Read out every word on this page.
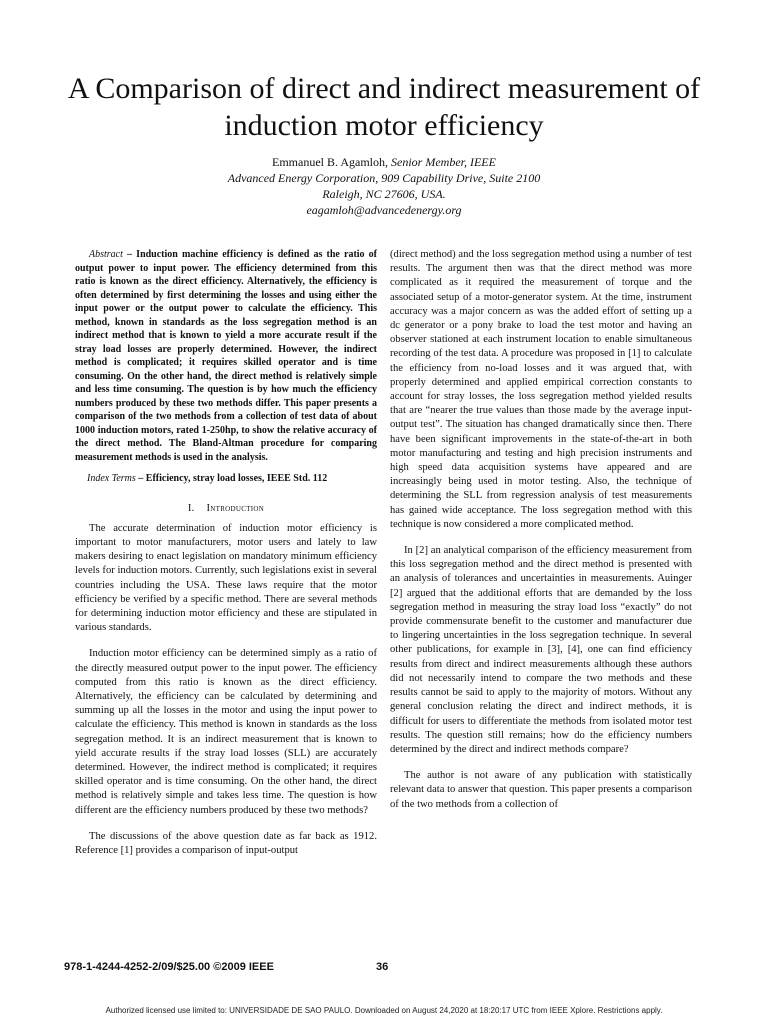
A Comparison of direct and indirect measurement of induction motor efficiency
Emmanuel B. Agamloh, Senior Member, IEEE
Advanced Energy Corporation, 909 Capability Drive, Suite 2100
Raleigh, NC 27606, USA.
eagamloh@advancedenergy.org

Abstract – Induction machine efficiency is defined as the ratio of output power to input power. The efficiency determined from this ratio is known as the direct efficiency. Alternatively, the efficiency is often determined by first determining the losses and using either the input power or the output power to calculate the efficiency. This method, known in standards as the loss segregation method is an indirect method that is known to yield a more accurate result if the stray load losses are properly determined. However, the indirect method is complicated; it requires skilled operator and is time consuming. On the other hand, the direct method is relatively simple and less time consuming. The question is by how much the efficiency numbers produced by these two methods differ. This paper presents a comparison of the two methods from a collection of test data of about 1000 induction motors, rated 1-250hp, to show the relative accuracy of the direct method. The Bland-Altman procedure for comparing measurement methods is used in the analysis.

Index Terms – Efficiency, stray load losses, IEEE Std. 112

I. Introduction

The accurate determination of induction motor efficiency is important to motor manufacturers, motor users and lately to law makers desiring to enact legislation on mandatory minimum efficiency levels for induction motors. Currently, such legislations exist in several countries including the USA. These laws require that the motor efficiency be verified by a specific method. There are several methods for determining induction motor efficiency and these are stipulated in various standards.

Induction motor efficiency can be determined simply as a ratio of the directly measured output power to the input power. The efficiency computed from this ratio is known as the direct efficiency. Alternatively, the efficiency can be calculated by determining and summing up all the losses in the motor and using the input power to calculate the efficiency. This method is known in standards as the loss segregation method. It is an indirect measurement that is known to yield accurate results if the stray load losses (SLL) are accurately determined. However, the indirect method is complicated; it requires skilled operator and is time consuming. On the other hand, the direct method is relatively simple and takes less time. The question is how different are the efficiency numbers produced by these two methods?

The discussions of the above question date as far back as 1912. Reference [1] provides a comparison of input-output

(direct method) and the loss segregation method using a number of test results. The argument then was that the direct method was more complicated as it required the measurement of torque and the associated setup of a motor-generator system. At the time, instrument accuracy was a major concern as was the added effort of setting up a dc generator or a pony brake to load the test motor and having an observer stationed at each instrument location to enable simultaneous recording of the test data. A procedure was proposed in [1] to calculate the efficiency from no-load losses and it was argued that, with properly determined and applied empirical correction constants to account for stray losses, the loss segregation method yielded results that are “nearer the true values than those made by the average input-output test”. The situation has changed dramatically since then. There have been significant improvements in the state-of-the-art in both motor manufacturing and testing and high precision instruments and high speed data acquisition systems have appeared and are increasingly being used in motor testing. Also, the technique of determining the SLL from regression analysis of test measurements has gained wide acceptance. The loss segregation method with this technique is now considered a more complicated method.

In [2] an analytical comparison of the efficiency measurement from this loss segregation method and the direct method is presented with an analysis of tolerances and uncertainties in measurements. Auinger [2] argued that the additional efforts that are demanded by the loss segregation method in measuring the stray load loss “exactly” do not provide commensurate benefit to the customer and manufacturer due to lingering uncertainties in the loss segregation technique. In several other publications, for example in [3], [4], one can find efficiency results from direct and indirect measurements although these authors did not necessarily intend to compare the two methods and these results cannot be said to apply to the majority of motors. Without any general conclusion relating the direct and indirect methods, it is difficult for users to differentiate the methods from isolated motor test results. The question still remains; how do the efficiency numbers determined by the direct and indirect methods compare?

The author is not aware of any publication with statistically relevant data to answer that question. This paper presents a comparison of the two methods from a collection of

978-1-4244-4252-2/09/$25.00 ©2009 IEEE	36
Authorized licensed use limited to: UNIVERSIDADE DE SAO PAULO. Downloaded on August 24,2020 at 18:20:17 UTC from IEEE Xplore. Restrictions apply.
